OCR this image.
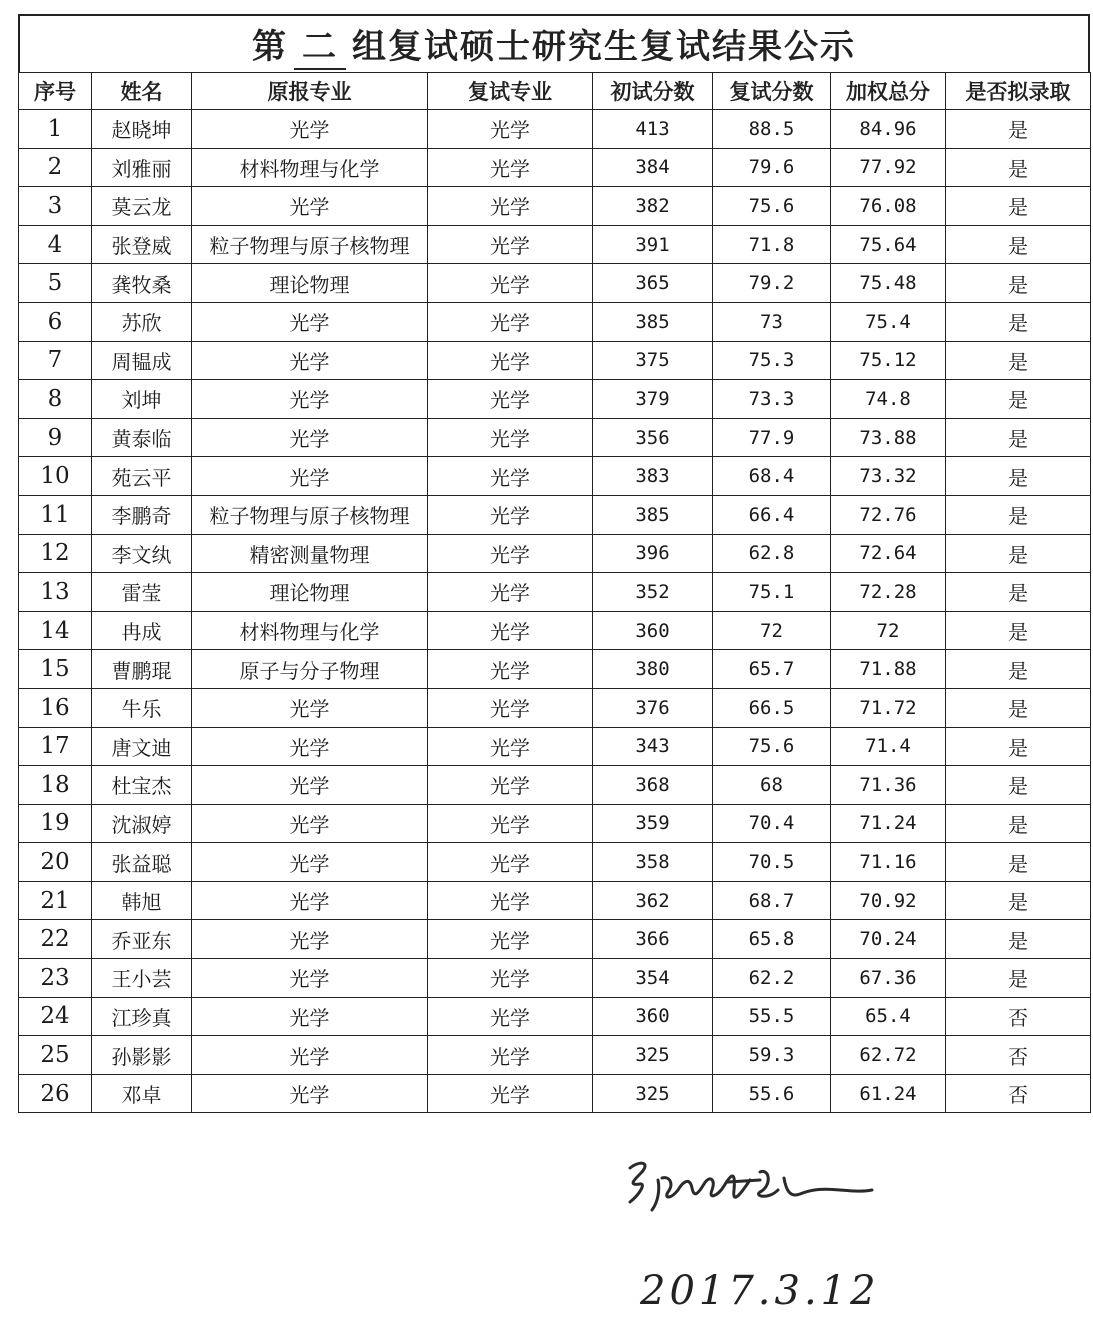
第 二 组复试硕士研究生复试结果公示
序号	姓名	原报专业	复试专业	初试分数	复试分数	加权总分	是否拟录取
1	赵晓坤	光学	光学	413	88.5	84.96	是
2	刘雅丽	材料物理与化学	光学	384	79.6	77.92	是
3	莫云龙	光学	光学	382	75.6	76.08	是
4	张登威	粒子物理与原子核物理	光学	391	71.8	75.64	是
5	龚牧桑	理论物理	光学	365	79.2	75.48	是
6	苏欣	光学	光学	385	73	75.4	是
7	周韫成	光学	光学	375	75.3	75.12	是
8	刘坤	光学	光学	379	73.3	74.8	是
9	黄泰临	光学	光学	356	77.9	73.88	是
10	苑云平	光学	光学	383	68.4	73.32	是
11	李鹏奇	粒子物理与原子核物理	光学	385	66.4	72.76	是
12	李文纨	精密测量物理	光学	396	62.8	72.64	是
13	雷莹	理论物理	光学	352	75.1	72.28	是
14	冉成	材料物理与化学	光学	360	72	72	是
15	曹鹏琨	原子与分子物理	光学	380	65.7	71.88	是
16	牛乐	光学	光学	376	66.5	71.72	是
17	唐文迪	光学	光学	343	75.6	71.4	是
18	杜宝杰	光学	光学	368	68	71.36	是
19	沈淑婷	光学	光学	359	70.4	71.24	是
20	张益聪	光学	光学	358	70.5	71.16	是
21	韩旭	光学	光学	362	68.7	70.92	是
22	乔亚东	光学	光学	366	65.8	70.24	是
23	王小芸	光学	光学	354	62.2	67.36	是
24	江珍真	光学	光学	360	55.5	65.4	否
25	孙影影	光学	光学	325	59.3	62.72	否
26	邓卓	光学	光学	325	55.6	61.24	否
2017.3.12
